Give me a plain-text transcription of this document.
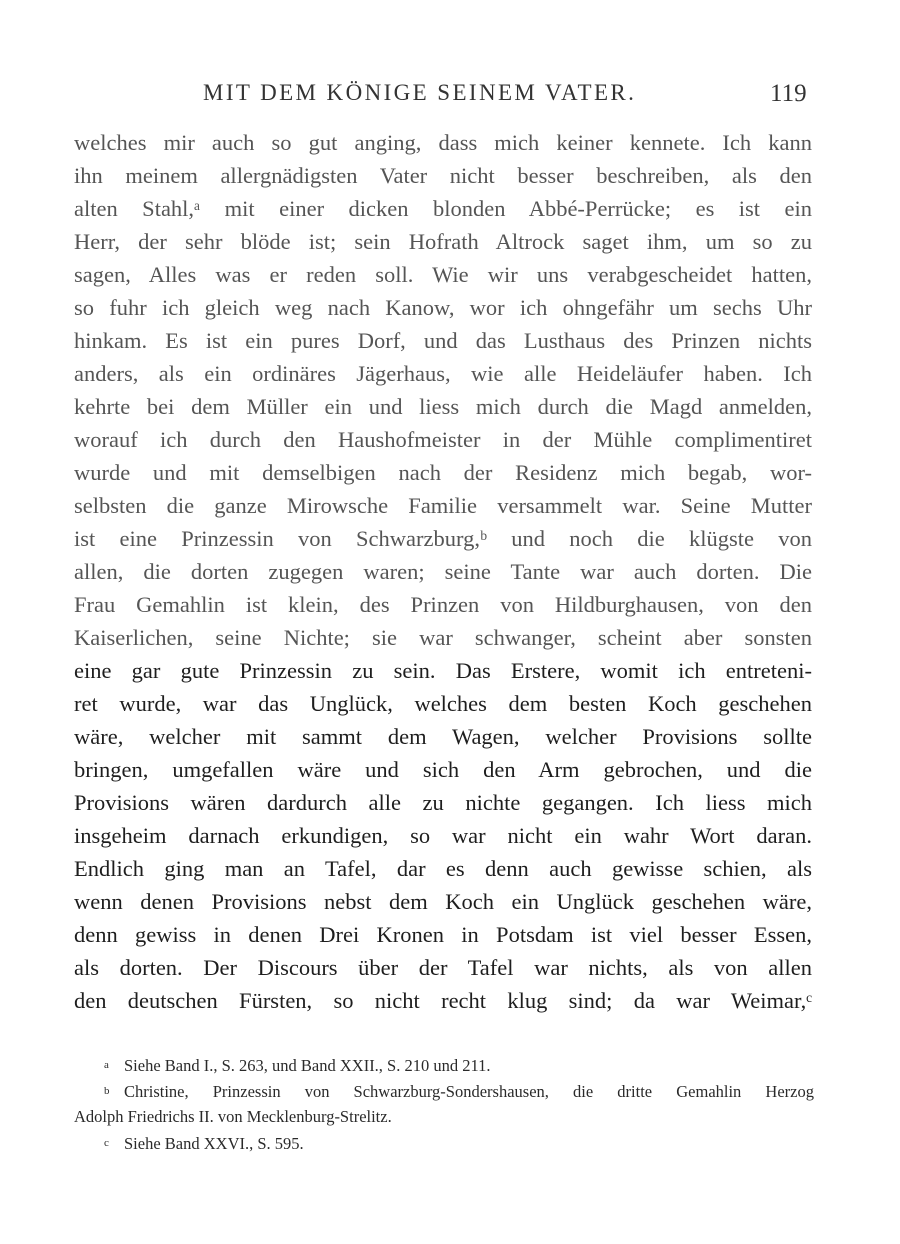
MIT DEM KÖNIGE SEINEM VATER.	119
welches mir auch so gut anging, dass mich keiner kennete. Ich kann
ihn meinem allergnädigsten Vater nicht besser beschreiben, als den
alten Stahl,ᵃ mit einer dicken blonden Abbé-Perrücke; es ist ein
Herr, der sehr blöde ist; sein Hofrath Altrock saget ihm, um so zu
sagen, Alles was er reden soll. Wie wir uns verabgescheidet hatten,
so fuhr ich gleich weg nach Kanow, wor ich ohngefähr um sechs Uhr
hinkam. Es ist ein pures Dorf, und das Lusthaus des Prinzen nichts
anders, als ein ordinäres Jägerhaus, wie alle Heideläufer haben. Ich
kehrte bei dem Müller ein und liess mich durch die Magd anmelden,
worauf ich durch den Haushofmeister in der Mühle complimentiret
wurde und mit demselbigen nach der Residenz mich begab, wor-
selbsten die ganze Mirowsche Familie versammelt war. Seine Mutter
ist eine Prinzessin von Schwarzburg,ᵇ und noch die klügste von
allen, die dorten zugegen waren; seine Tante war auch dorten. Die
Frau Gemahlin ist klein, des Prinzen von Hildburghausen, von den
Kaiserlichen, seine Nichte; sie war schwanger, scheint aber sonsten
eine gar gute Prinzessin zu sein. Das Erstere, womit ich entreteni-
ret wurde, war das Unglück, welches dem besten Koch geschehen
wäre, welcher mit sammt dem Wagen, welcher Provisions sollte
bringen, umgefallen wäre und sich den Arm gebrochen, und die
Provisions wären dardurch alle zu nichte gegangen. Ich liess mich
insgeheim darnach erkundigen, so war nicht ein wahr Wort daran.
Endlich ging man an Tafel, dar es denn auch gewisse schien, als
wenn denen Provisions nebst dem Koch ein Unglück geschehen wäre,
denn gewiss in denen Drei Kronen in Potsdam ist viel besser Essen,
als dorten. Der Discours über der Tafel war nichts, als von allen
den deutschen Fürsten, so nicht recht klug sind; da war Weimar,ᶜ
a Siehe Band I., S. 263, und Band XXII., S. 210 und 211.
b Christine, Prinzessin von Schwarzburg-Sondershausen, die dritte Gemahlin Herzog
Adolph Friedrichs II. von Mecklenburg-Strelitz.
c Siehe Band XXVI., S. 595.
